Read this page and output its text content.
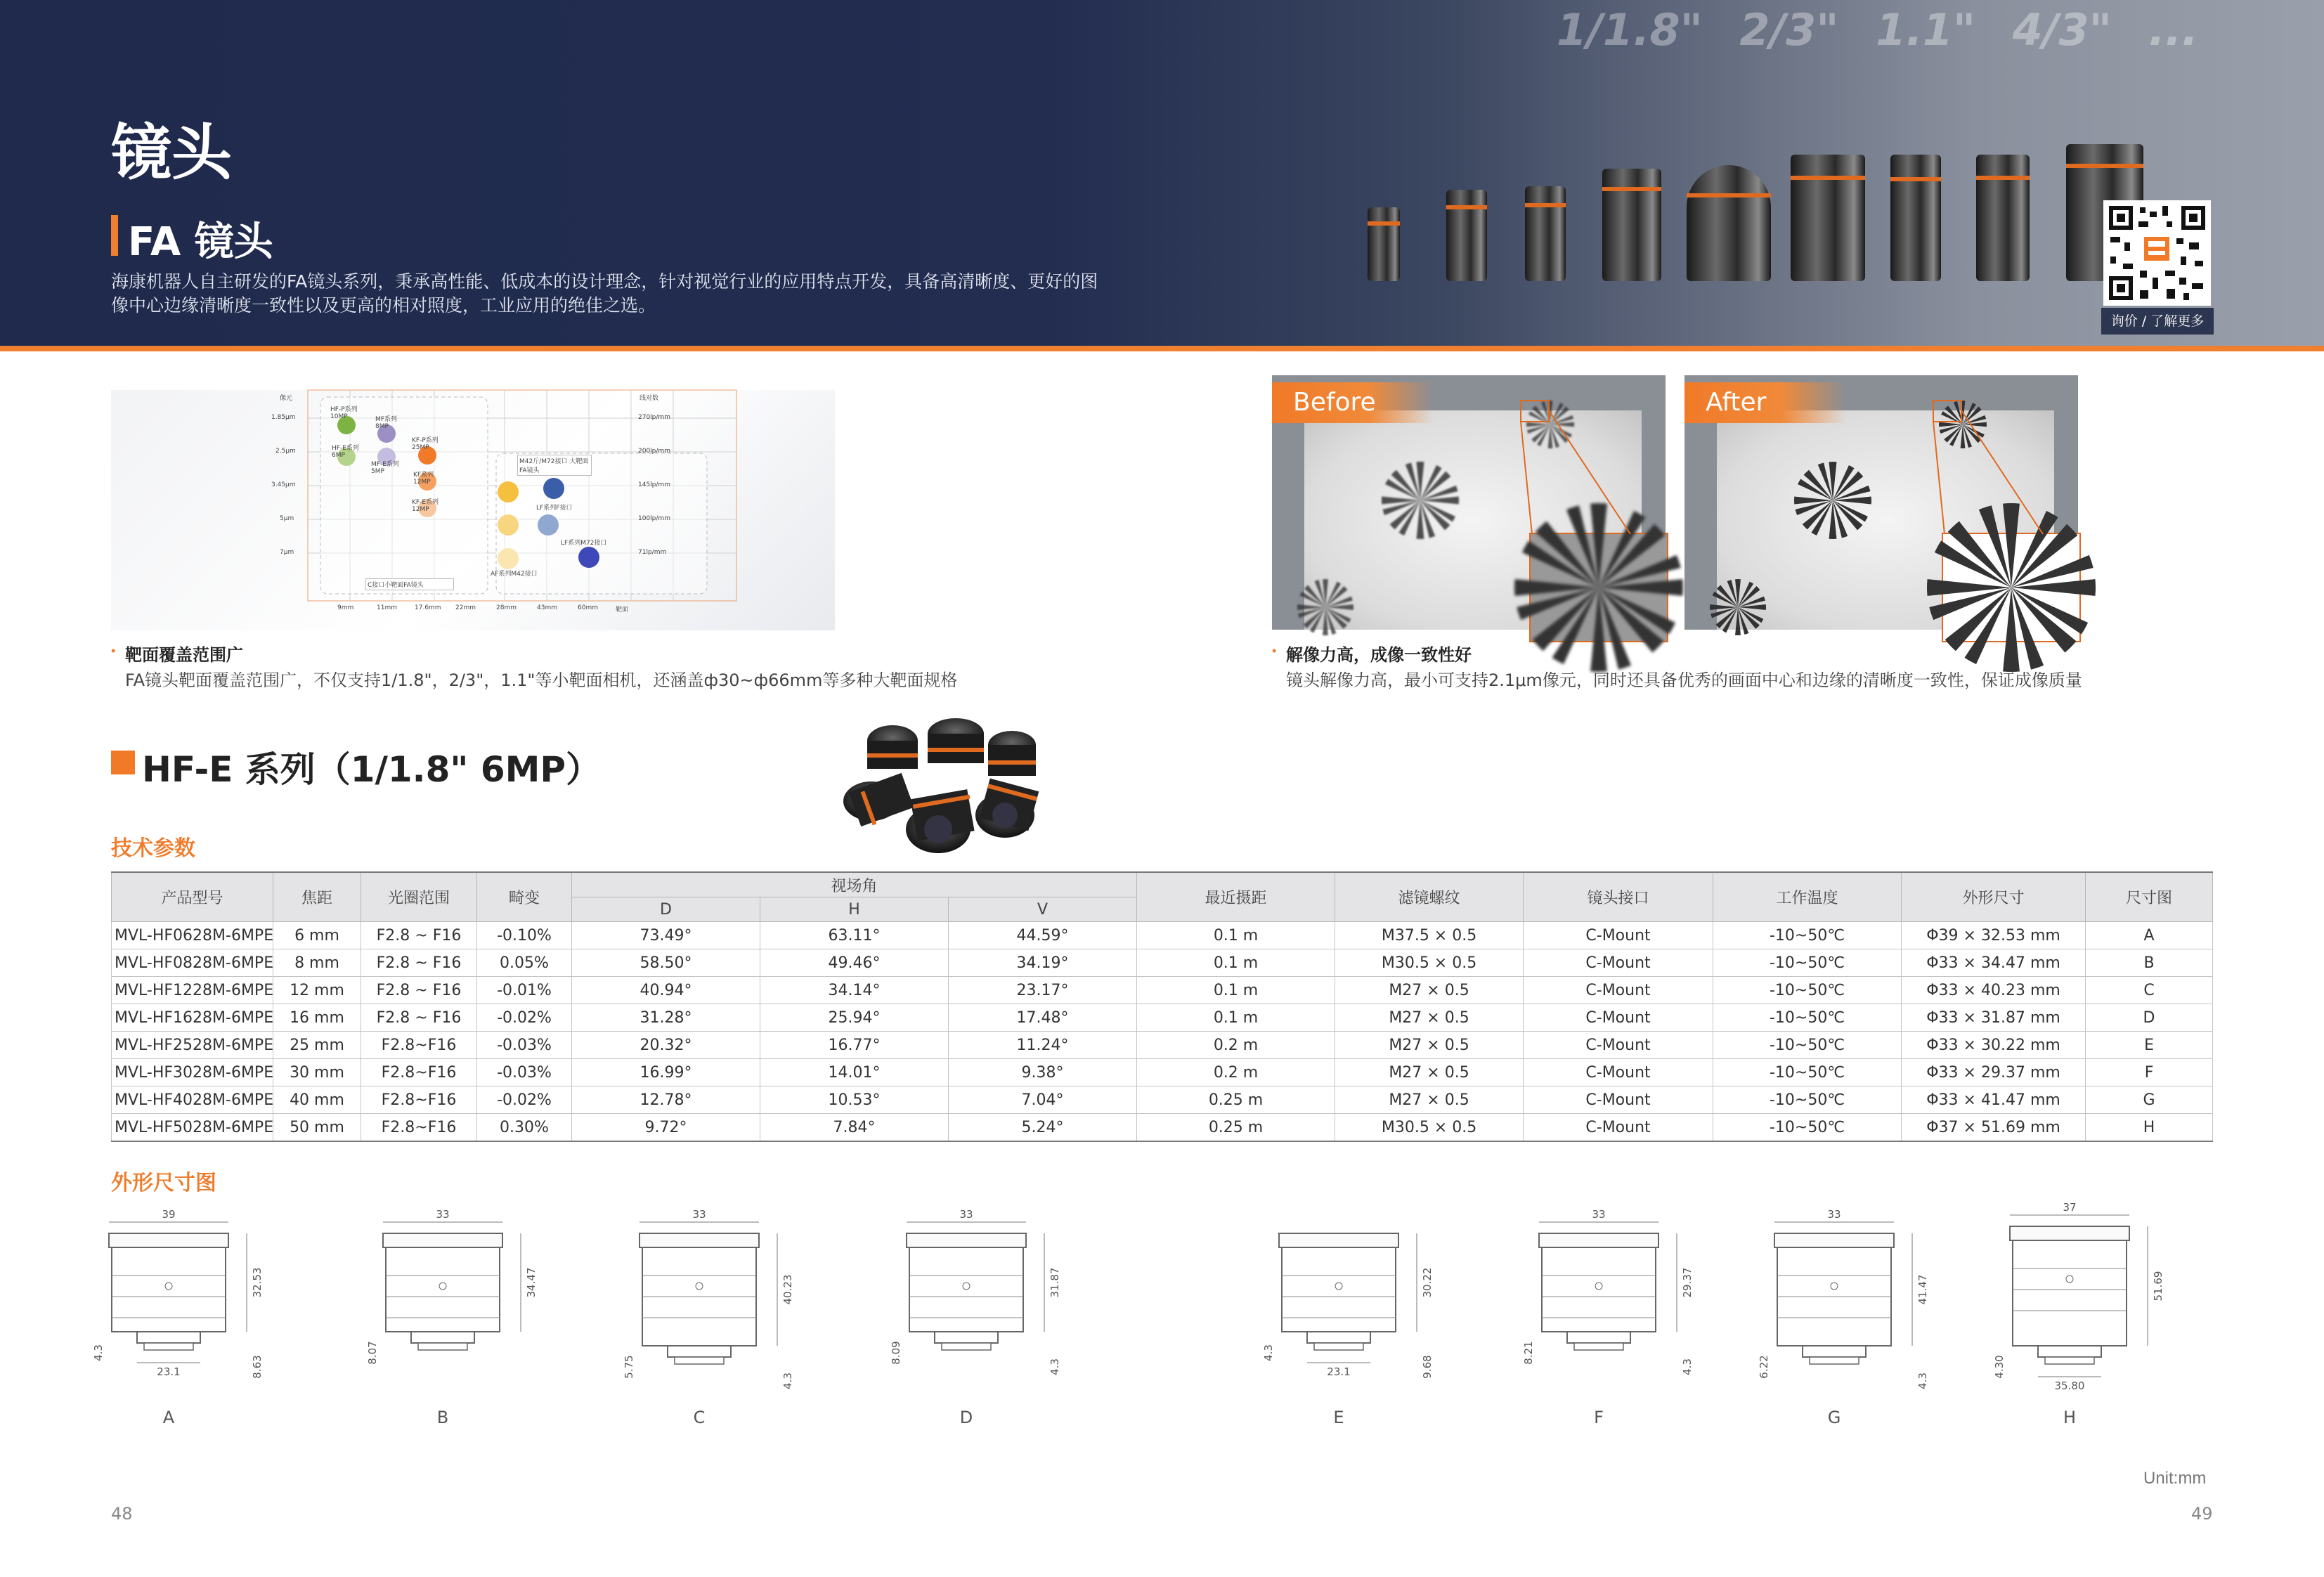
1/1.8" 2/3" 1.1" 4/3" ...
镜头
FA 镜头
海康机器人自主研发的FA镜头系列，秉承高性能、低成本的设计理念，针对视觉行业的应用特点开发，具备高清晰度、更好的图像中心边缘清晰度一致性以及更高的相对照度，工业应用的绝佳之选。
询价 / 了解更多
像元	线对数
1.85μm
2.5μm
3.45μm
5μm
7μm
270lp/mm
200lp/mm
145lp/mm
100lp/mm
71lp/mm
9mm	11mm	17.6mm 22mm	28mm	43mm	60mm	靶面
HF-P系列 10MP	MF系列 8MP
HF-E系列 6MP
MF-E系列 5MP
KF-P系列 25MP
KF系列 12MP
KF-E系列 12MP
M42斤/M72接口 大靶面FA镜头
LF系列F接口
LF系列M72接口
AF系列M42接口
C接口小靶面FA镜头
• 靶面覆盖范围广
FA镜头靶面覆盖范围广，不仅支持1/1.8"，2/3"，1.1"等小靶面相机，还涵盖ф30~ф66mm等多种大靶面规格
Before	After
• 解像力高，成像一致性好
镜头解像力高，最小可支持2.1μm像元，同时还具备优秀的画面中心和边缘的清晰度一致性，保证成像质量
HF-E 系列（1/1.8" 6MP）
技术参数
产品型号	焦距	光圈范围	畸变	视场角			最近摄距	滤镜螺纹	镜头接口	工作温度	外形尺寸	尺寸图
				D	H	V						
MVL-HF0628M-6MPE	6 mm	F2.8 ~ F16	-0.10%	73.49°	63.11°	44.59°	0.1 m	M37.5 × 0.5	C-Mount	-10~50℃	Φ39 × 32.53 mm	A
MVL-HF0828M-6MPE	8 mm	F2.8 ~ F16	0.05%	58.50°	49.46°	34.19°	0.1 m	M30.5 × 0.5	C-Mount	-10~50℃	Φ33 × 34.47 mm	B
MVL-HF1228M-6MPE	12 mm	F2.8 ~ F16	-0.01%	40.94°	34.14°	23.17°	0.1 m	M27 × 0.5	C-Mount	-10~50℃	Φ33 × 40.23 mm	C
MVL-HF1628M-6MPE	16 mm	F2.8 ~ F16	-0.02%	31.28°	25.94°	17.48°	0.1 m	M27 × 0.5	C-Mount	-10~50℃	Φ33 × 31.87 mm	D
MVL-HF2528M-6MPE	25 mm	F2.8~F16	-0.03%	20.32°	16.77°	11.24°	0.2 m	M27 × 0.5	C-Mount	-10~50℃	Φ33 × 30.22 mm	E
MVL-HF3028M-6MPE	30 mm	F2.8~F16	-0.03%	16.99°	14.01°	9.38°	0.2 m	M27 × 0.5	C-Mount	-10~50℃	Φ33 × 29.37 mm	F
MVL-HF4028M-6MPE	40 mm	F2.8~F16	-0.02%	12.78°	10.53°	7.04°	0.25 m	M27 × 0.5	C-Mount	-10~50℃	Φ33 × 41.47 mm	G
MVL-HF5028M-6MPE	50 mm	F2.8~F16	0.30%	9.72°	7.84°	5.24°	0.25 m	M30.5 × 0.5	C-Mount	-10~50℃	Φ37 × 51.69 mm	H
外形尺寸图
39
32.53
8.63
4.3
23.1
A
33
34.47
8.07
B
33
40.23
4.3
5.75
C
33
31.87
4.3
8.09
D
30.22
9.68
4.3
23.1
E
33
29.37
4.3
8.21
F
33
41.47
4.3
6.22
G
37
51.69
4.30
35.80
H
Unit:mm
48	49
